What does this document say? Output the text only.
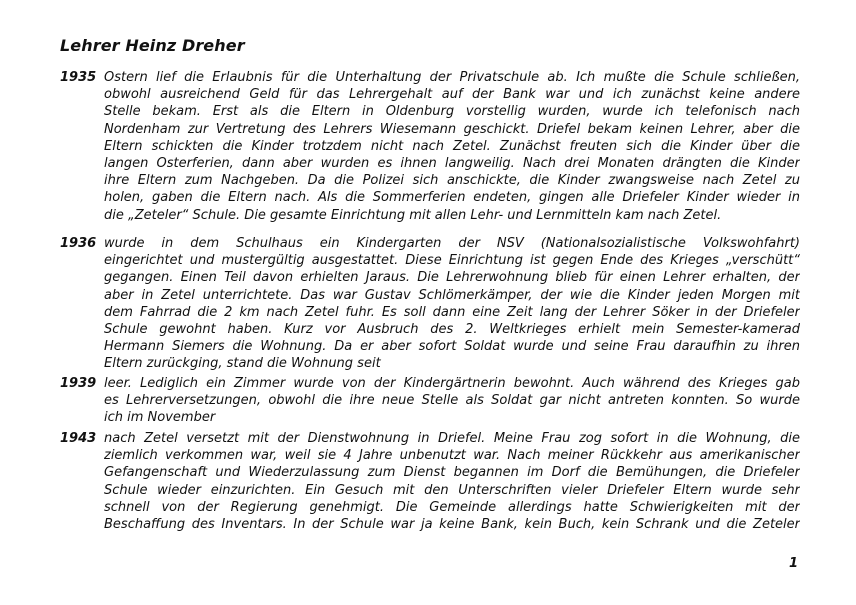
Lehrer Heinz Dreher
1935 Ostern lief die Erlaubnis für die Unterhaltung der Privatschule ab. Ich mußte die Schule schließen,
obwohl ausreichend Geld für das Lehrergehalt auf der Bank war und ich zunächst keine andere
Stelle bekam. Erst als die Eltern in Oldenburg vorstellig wurden, wurde ich telefonisch nach
Nordenham zur Vertretung des Lehrers Wiesemann geschickt. Driefel bekam keinen Lehrer, aber die
Eltern schickten die Kinder trotzdem nicht nach Zetel. Zunächst freuten sich die Kinder über die
langen Osterferien, dann aber wurden es ihnen langweilig. Nach drei Monaten drängten die Kinder
ihre Eltern zum Nachgeben. Da die Polizei sich anschickte, die Kinder zwangsweise nach Zetel zu
holen, gaben die Eltern nach. Als die Sommerferien endeten, gingen alle Driefeler Kinder wieder in
die „Zeteler“ Schule. Die gesamte Einrichtung mit allen Lehr- und Lernmitteln kam nach Zetel.
1936 wurde in dem Schulhaus ein Kindergarten der NSV (Nationalsozialistische Volkswohfahrt)
eingerichtet und mustergültig ausgestattet. Diese Einrichtung ist gegen Ende des Krieges „verschütt“
gegangen. Einen Teil davon erhielten Jaraus. Die Lehrerwohnung blieb für einen Lehrer erhalten, der
aber in Zetel unterrichtete. Das war Gustav Schlömerkämper, der wie die Kinder jeden Morgen mit
dem Fahrrad die 2 km nach Zetel fuhr. Es soll dann eine Zeit lang der Lehrer Söker in der Driefeler
Schule gewohnt haben. Kurz vor Ausbruch des 2. Weltkrieges erhielt mein Semester-kamerad
Hermann Siemers die Wohnung. Da er aber sofort Soldat wurde und seine Frau daraufhin zu ihren
Eltern zurückging, stand die Wohnung seit
1939 leer. Lediglich ein Zimmer wurde von der Kindergärtnerin bewohnt. Auch während des Krieges gab
es Lehrerversetzungen, obwohl die ihre neue Stelle als Soldat gar nicht antreten konnten. So wurde
ich im November
1943 nach Zetel versetzt mit der Dienstwohnung in Driefel. Meine Frau zog sofort in die Wohnung, die
ziemlich verkommen war, weil sie 4 Jahre unbenutzt war. Nach meiner Rückkehr aus amerikanischer
Gefangenschaft und Wiederzulassung zum Dienst begannen im Dorf die Bemühungen, die Driefeler
Schule wieder einzurichten. Ein Gesuch mit den Unterschriften vieler Driefeler Eltern wurde sehr
schnell von der Regierung genehmigt. Die Gemeinde allerdings hatte Schwierigkeiten mit der
Beschaffung des Inventars. In der Schule war ja keine Bank, kein Buch, kein Schrank und die Zeteler
1
